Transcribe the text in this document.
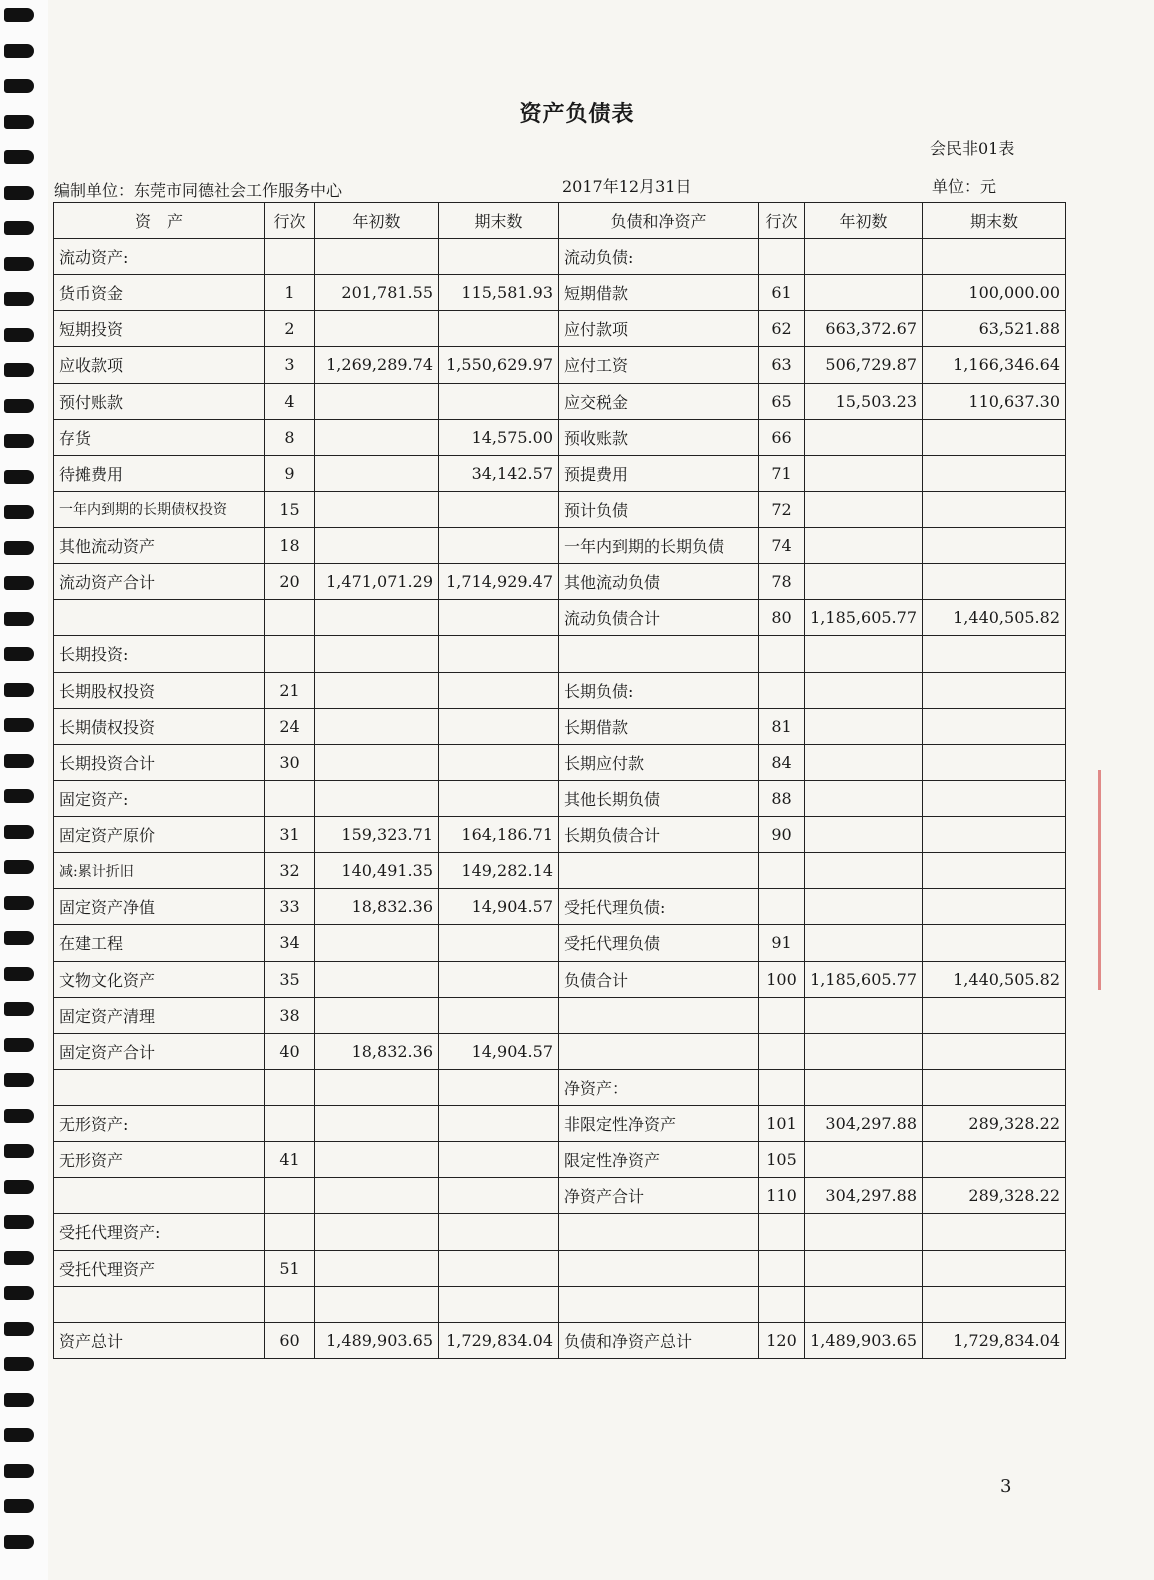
资产负债表
会民非01表
编制单位：东莞市同德社会工作服务中心	2017年12月31日	单位：元
资　产	行次	年初数	期末数	负债和净资产	行次	年初数	期末数
流动资产:				流动负债:			
货币资金	1	201,781.55	115,581.93	短期借款	61		100,000.00
短期投资	2			应付款项	62	663,372.67	63,521.88
应收款项	3	1,269,289.74	1,550,629.97	应付工资	63	506,729.87	1,166,346.64
预付账款	4			应交税金	65	15,503.23	110,637.30
存货	8		14,575.00	预收账款	66		
待摊费用	9		34,142.57	预提费用	71		
一年内到期的长期债权投资	15			预计负债	72		
其他流动资产	18			一年内到期的长期负债	74		
流动资产合计	20	1,471,071.29	1,714,929.47	其他流动负债	78		
				流动负债合计	80	1,185,605.77	1,440,505.82
长期投资:							
长期股权投资	21			长期负债:			
长期债权投资	24			长期借款	81		
长期投资合计	30			长期应付款	84		
固定资产:				其他长期负债	88		
固定资产原价	31	159,323.71	164,186.71	长期负债合计	90		
减:累计折旧	32	140,491.35	149,282.14				
固定资产净值	33	18,832.36	14,904.57	受托代理负债:			
在建工程	34			受托代理负债	91		
文物文化资产	35			负债合计	100	1,185,605.77	1,440,505.82
固定资产清理	38						
固定资产合计	40	18,832.36	14,904.57				
				净资产：			
无形资产:				非限定性净资产	101	304,297.88	289,328.22
无形资产	41			限定性净资产	105		
				净资产合计	110	304,297.88	289,328.22
受托代理资产:							
受托代理资产	51						

资产总计	60	1,489,903.65	1,729,834.04	负债和净资产总计	120	1,489,903.65	1,729,834.04
3
